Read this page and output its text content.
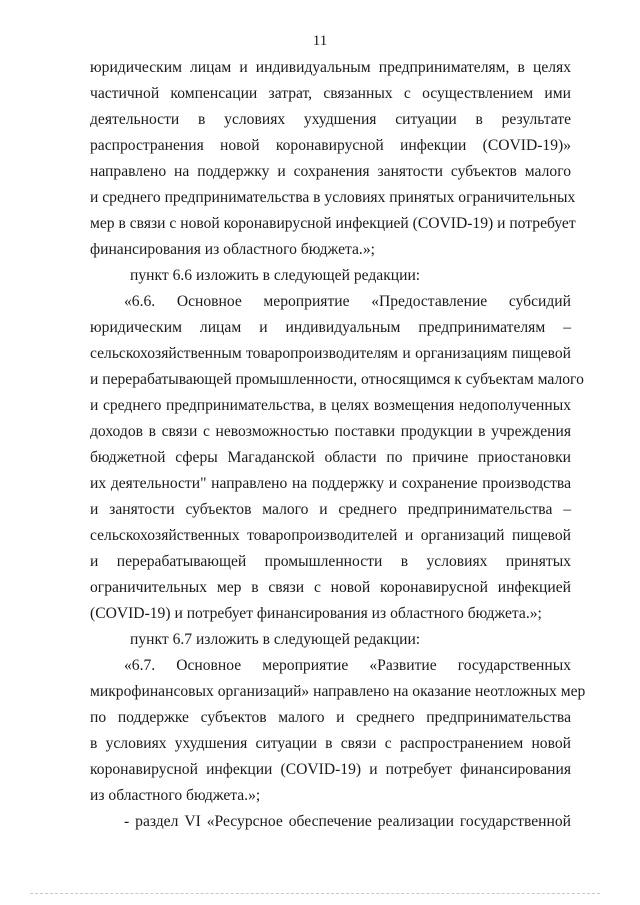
11
юридическим лицам и индивидуальным предпринимателям, в целях
частичной компенсации затрат, связанных с осуществлением ими
деятельности в условиях ухудшения ситуации в результате
распространения новой коронавирусной инфекции (COVID-19)»
направлено на поддержку и сохранения занятости субъектов малого
и среднего предпринимательства в условиях принятых ограничительных
мер в связи с новой коронавирусной инфекцией (COVID-19) и потребует
финансирования из областного бюджета.»;
пункт 6.6 изложить в следующей редакции:
«6.6. Основное мероприятие «Предоставление субсидий
юридическим лицам и индивидуальным предпринимателям –
сельскохозяйственным товаропроизводителям и организациям пищевой
и перерабатывающей промышленности, относящимся к субъектам малого
и среднего предпринимательства, в целях возмещения недополученных
доходов в связи с невозможностью поставки продукции в учреждения
бюджетной сферы Магаданской области по причине приостановки
их деятельности" направлено на поддержку и сохранение производства
и занятости субъектов малого и среднего предпринимательства –
сельскохозяйственных товаропроизводителей и организаций пищевой
и перерабатывающей промышленности в условиях принятых
ограничительных мер в связи с новой коронавирусной инфекцией
(COVID-19) и потребует финансирования из областного бюджета.»;
пункт 6.7 изложить в следующей редакции:
«6.7. Основное мероприятие «Развитие государственных
микрофинансовых организаций» направлено на оказание неотложных мер
по поддержке субъектов малого и среднего предпринимательства
в условиях ухудшения ситуации в связи с распространением новой
коронавирусной инфекции (COVID-19) и потребует финансирования
из областного бюджета.»;
- раздел VI «Ресурсное обеспечение реализации государственной
